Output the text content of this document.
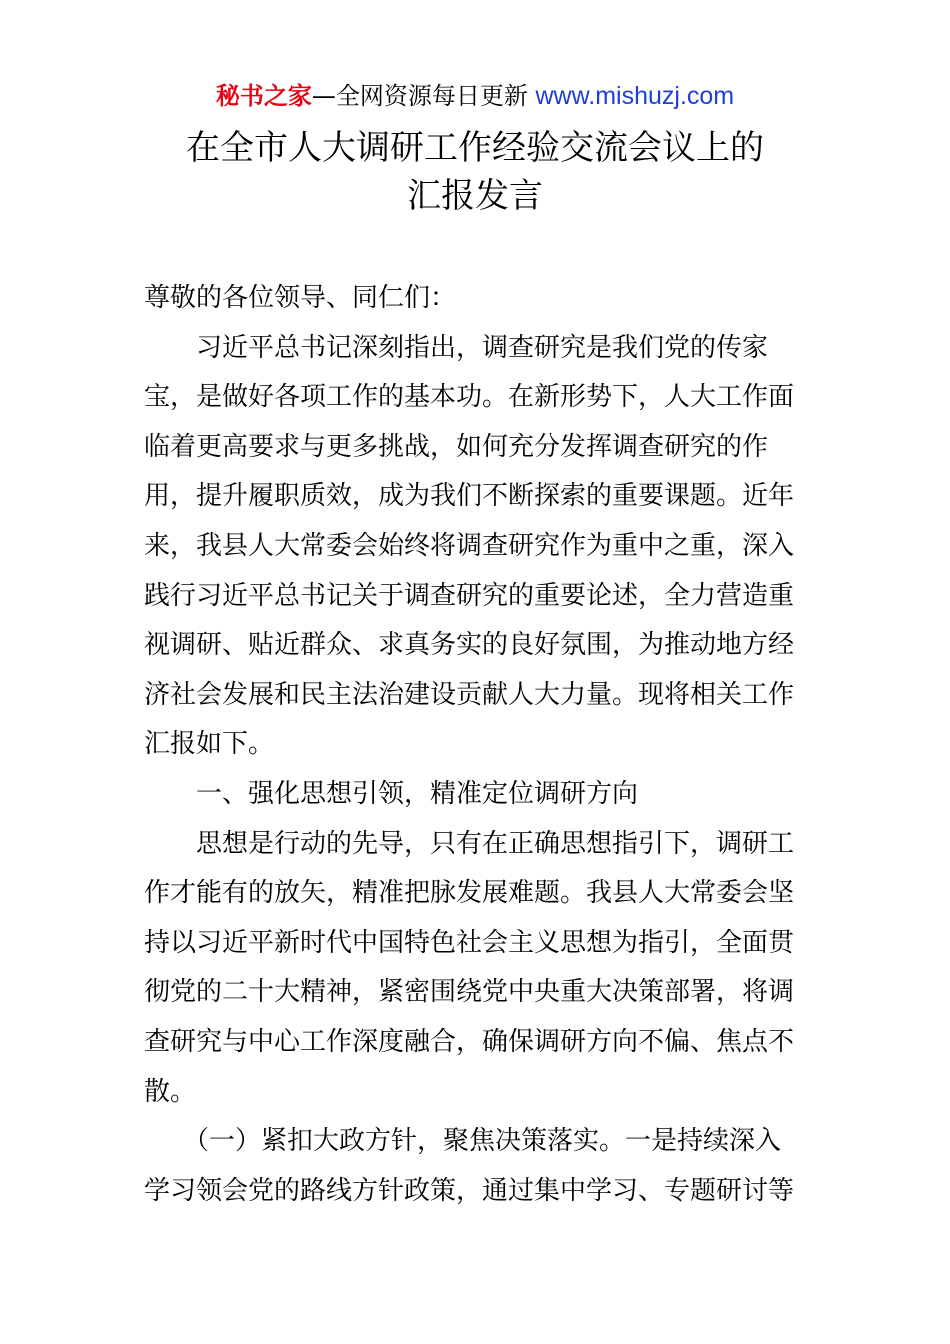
秘书之家—全网资源每日更新 www.mishuzj.com
在全市人大调研工作经验交流会议上的
汇报发言
尊敬的各位领导、同仁们：
　　习近平总书记深刻指出，调查研究是我们党的传家
宝，是做好各项工作的基本功。在新形势下，人大工作面
临着更高要求与更多挑战，如何充分发挥调查研究的作
用，提升履职质效，成为我们不断探索的重要课题。近年
来，我县人大常委会始终将调查研究作为重中之重，深入
践行习近平总书记关于调查研究的重要论述，全力营造重
视调研、贴近群众、求真务实的良好氛围，为推动地方经
济社会发展和民主法治建设贡献人大力量。现将相关工作
汇报如下。
　　一、强化思想引领，精准定位调研方向
　　思想是行动的先导，只有在正确思想指引下，调研工
作才能有的放矢，精准把脉发展难题。我县人大常委会坚
持以习近平新时代中国特色社会主义思想为指引，全面贯
彻党的二十大精神，紧密围绕党中央重大决策部署，将调
查研究与中心工作深度融合，确保调研方向不偏、焦点不
散。
　　（一）紧扣大政方针，聚焦决策落实。一是持续深入
学习领会党的路线方针政策，通过集中学习、专题研讨等
